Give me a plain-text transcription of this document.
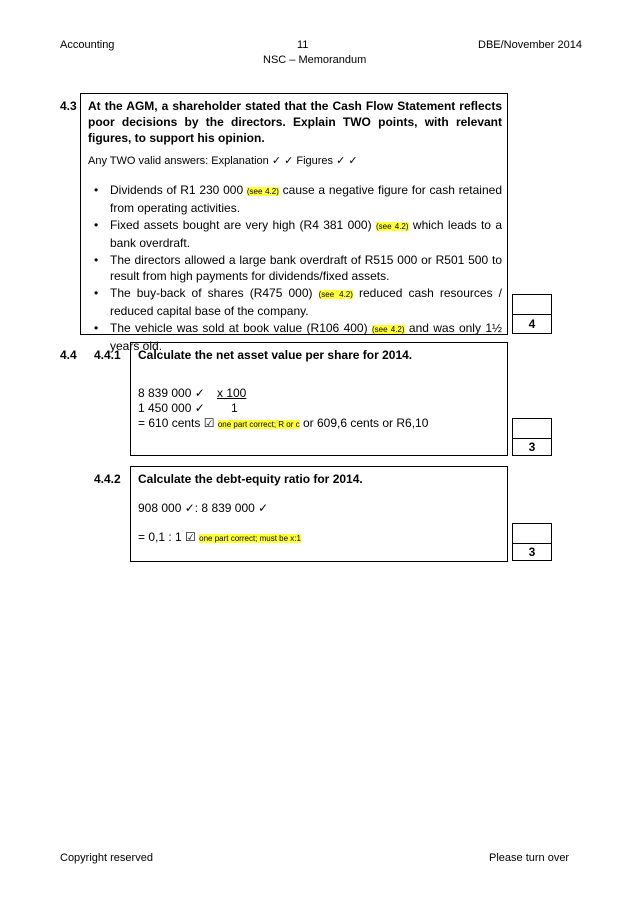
Accounting	11	DBE/November 2014
NSC – Memorandum
4.3 At the AGM, a shareholder stated that the Cash Flow Statement reflects poor decisions by the directors. Explain TWO points, with relevant figures, to support his opinion.
Any TWO valid answers: Explanation ✓ ✓ Figures ✓ ✓
• Dividends of R1 230 000 (see 4.2) cause a negative figure for cash retained from operating activities.
• Fixed assets bought are very high (R4 381 000) (see 4.2) which leads to a bank overdraft.
• The directors allowed a large bank overdraft of R515 000 or R501 500 to result from high payments for dividends/fixed assets.
• The buy-back of shares (R475 000) (see 4.2) reduced cash resources / reduced capital base of the company.
• The vehicle was sold at book value (R106 400) (see 4.2) and was only 1½ years old.
4
4.4 4.4.1 Calculate the net asset value per share for 2014.
8 839 000 ✓ x 100
1 450 000 ✓ 1
= 610 cents ☑ one part correct; R or c or 609,6 cents or R6,10
3
4.4.2 Calculate the debt-equity ratio for 2014.
908 000 ✓: 8 839 000 ✓
= 0,1 : 1 ☑ one part correct; must be x:1
3
Copyright reserved	Please turn over
